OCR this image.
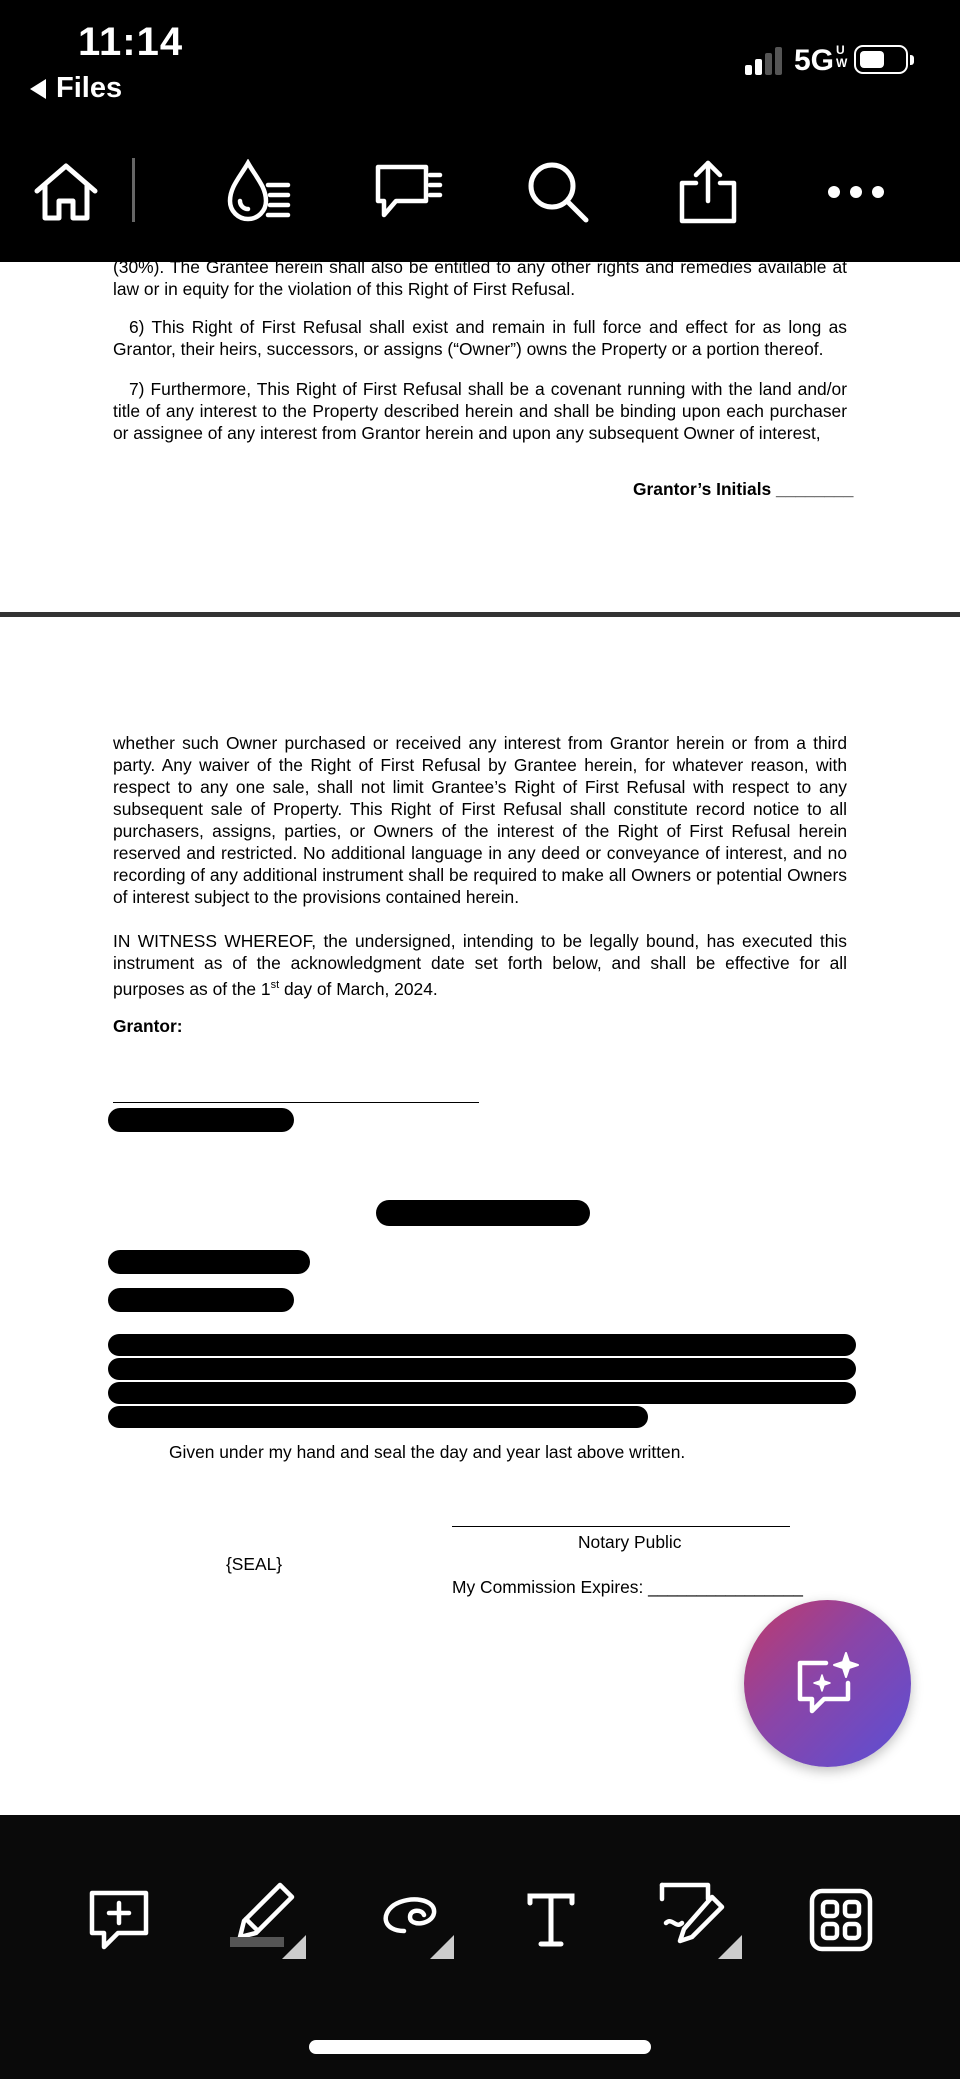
11:14
Files
5G U
W

(30%). The Grantee herein shall also be entitled to any other rights and remedies available at law or in equity for the violation of this Right of First Refusal.

6) This Right of First Refusal shall exist and remain in full force and effect for as long as Grantor, their heirs, successors, or assigns (“Owner”) owns the Property or a portion thereof.

7) Furthermore, This Right of First Refusal shall be a covenant running with the land and/or title of any interest to the Property described herein and shall be binding upon each purchaser or assignee of any interest from Grantor herein and upon any subsequent Owner of interest,

Grantor’s Initials ________

whether such Owner purchased or received any interest from Grantor herein or from a third party. Any waiver of the Right of First Refusal by Grantee herein, for whatever reason, with respect to any one sale, shall not limit Grantee’s Right of First Refusal with respect to any subsequent sale of Property. This Right of First Refusal shall constitute record notice to all purchasers, assigns, parties, or Owners of the interest of the Right of First Refusal herein reserved and restricted. No additional language in any deed or conveyance of interest, and no recording of any additional instrument shall be required to make all Owners or potential Owners of interest subject to the provisions contained herein.

IN WITNESS WHEREOF, the undersigned, intending to be legally bound, has executed this instrument as of the acknowledgment date set forth below, and shall be effective for all purposes as of the 1st day of March, 2024.

Grantor:
Given under my hand and seal the day and year last above written.
Notary Public
{SEAL}
My Commission Expires: ________________
